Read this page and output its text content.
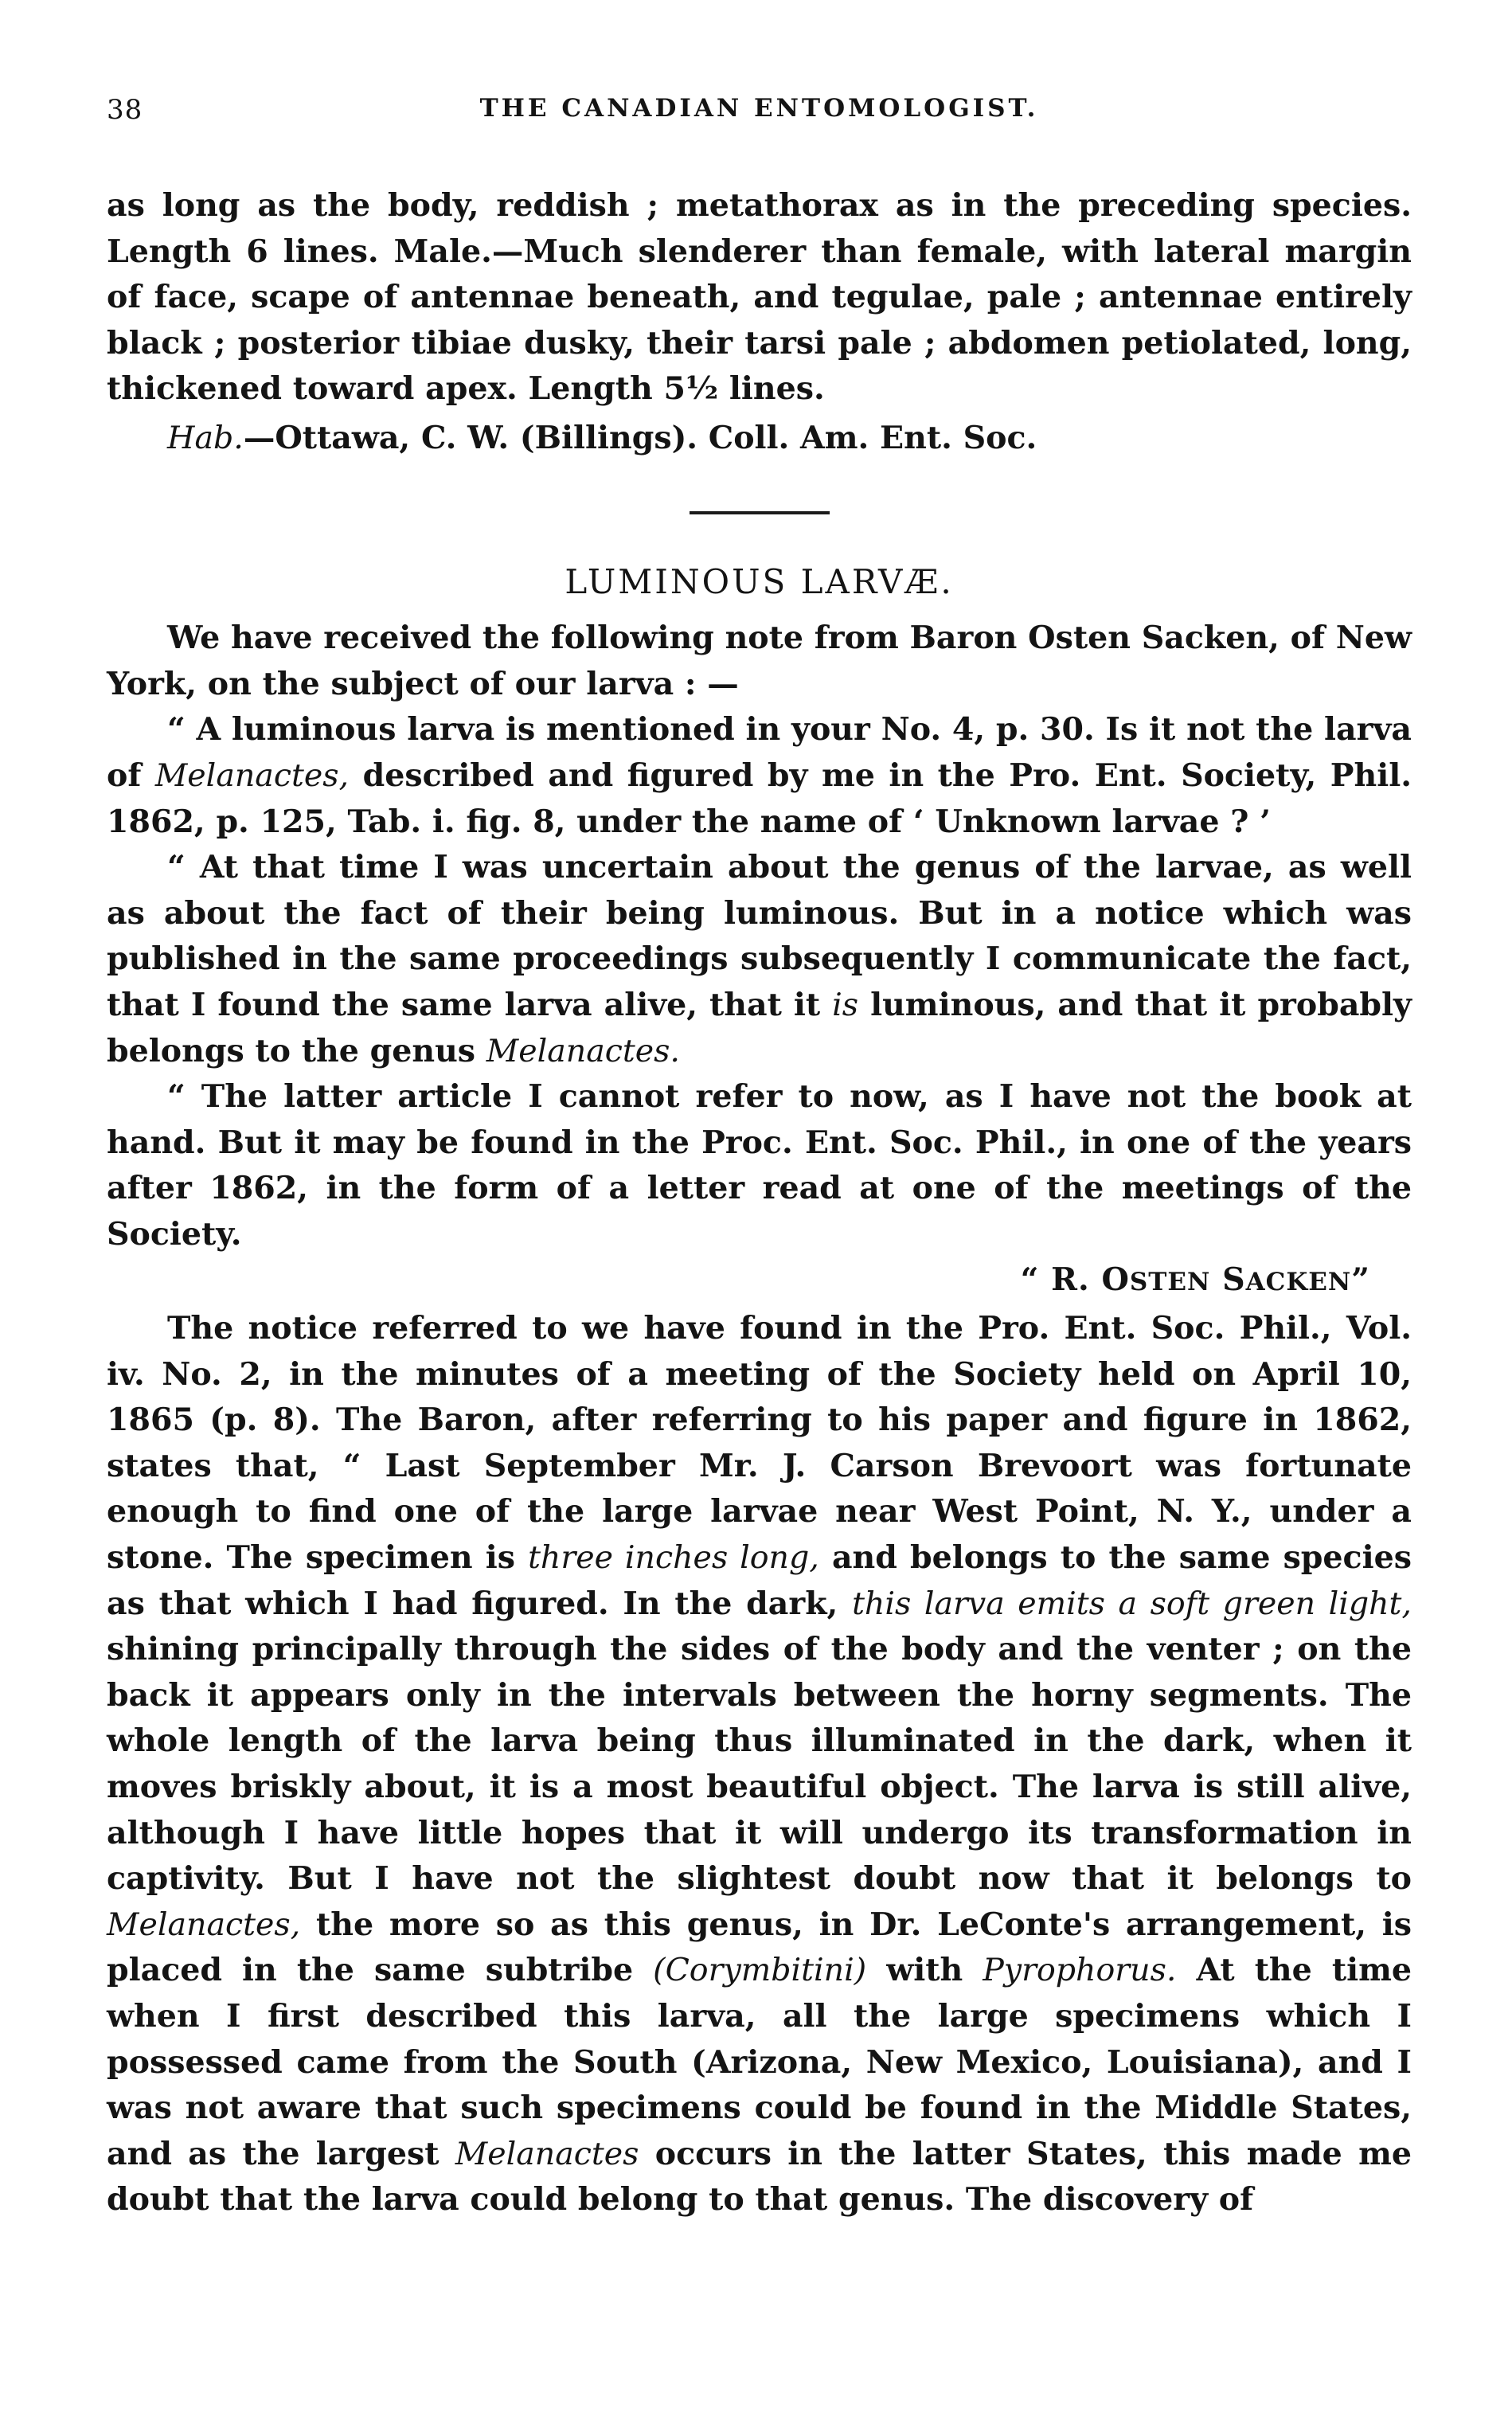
38	THE CANADIAN ENTOMOLOGIST.

as long as the body, reddish ; metathorax as in the preceding species. Length 6 lines. Male.—Much slenderer than female, with lateral margin of face, scape of antennae beneath, and tegulae, pale ; antennae entirely black ; posterior tibiae dusky, their tarsi pale ; abdomen petiolated, long, thickened toward apex. Length 5½ lines.

Hab.—Ottawa, C. W. (Billings). Coll. Am. Ent. Soc.

LUMINOUS LARVÆ.

We have received the following note from Baron Osten Sacken, of New York, on the subject of our larva : —

“ A luminous larva is mentioned in your No. 4, p. 30. Is it not the larva of Melanactes, described and figured by me in the Pro. Ent. Society, Phil. 1862, p. 125, Tab. i. fig. 8, under the name of ‘ Unknown larvae ? ’

“ At that time I was uncertain about the genus of the larvae, as well as about the fact of their being luminous. But in a notice which was published in the same proceedings subsequently I communicate the fact, that I found the same larva alive, that it is luminous, and that it probably belongs to the genus Melanactes.

“ The latter article I cannot refer to now, as I have not the book at hand. But it may be found in the Proc. Ent. Soc. Phil., in one of the years after 1862, in the form of a letter read at one of the meetings of the Society.

“ R. OSTEN SACKEN”

The notice referred to we have found in the Pro. Ent. Soc. Phil., Vol. iv. No. 2, in the minutes of a meeting of the Society held on April 10, 1865 (p. 8). The Baron, after referring to his paper and figure in 1862, states that, “ Last September Mr. J. Carson Brevoort was fortunate enough to find one of the large larvae near West Point, N. Y., under a stone. The specimen is three inches long, and belongs to the same species as that which I had figured. In the dark, this larva emits a soft green light, shining principally through the sides of the body and the venter ; on the back it appears only in the intervals between the horny segments. The whole length of the larva being thus illuminated in the dark, when it moves briskly about, it is a most beautiful object. The larva is still alive, although I have little hopes that it will undergo its transformation in captivity. But I have not the slightest doubt now that it belongs to Melanactes, the more so as this genus, in Dr. LeConte's arrangement, is placed in the same subtribe (Corymbitini) with Pyrophorus. At the time when I first described this larva, all the large specimens which I possessed came from the South (Arizona, New Mexico, Louisiana), and I was not aware that such specimens could be found in the Middle States, and as the largest Melanactes occurs in the latter States, this made me doubt that the larva could belong to that genus. The discovery of
